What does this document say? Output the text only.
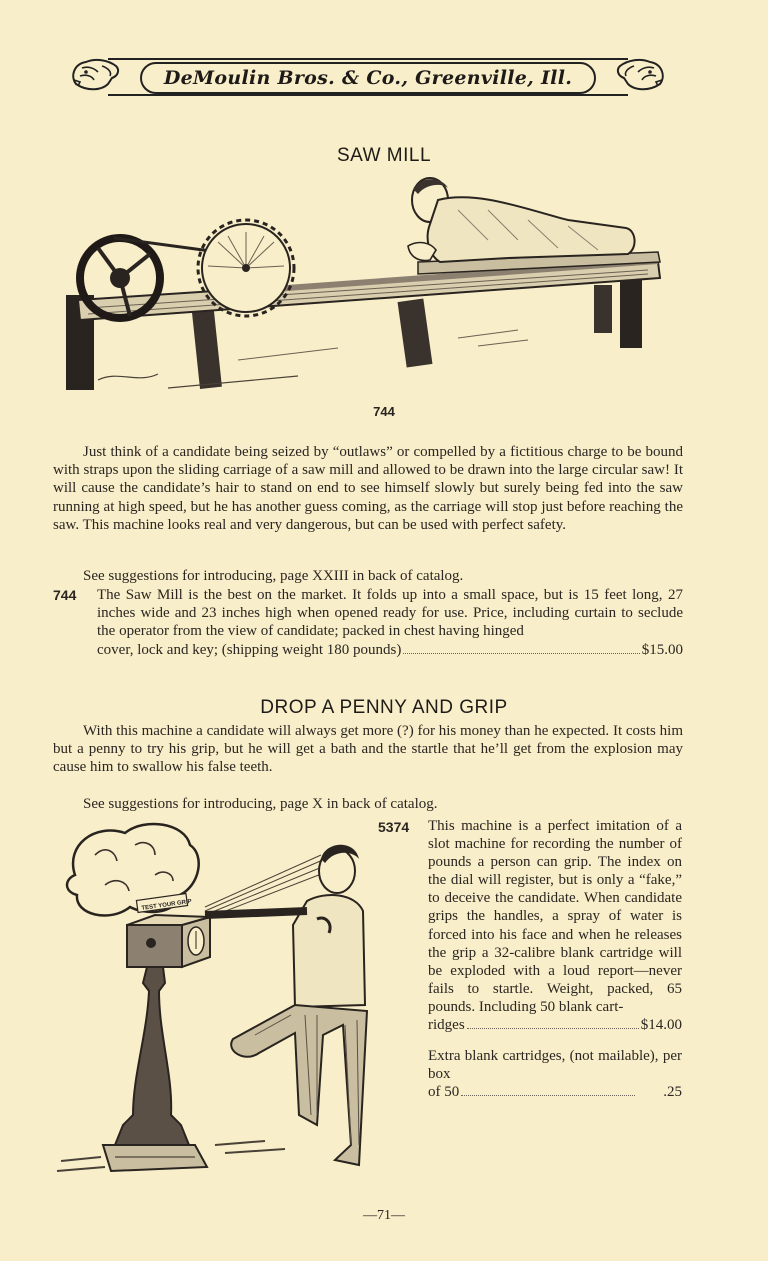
DeMoulin Bros. & Co., Greenville, Ill.
SAW MILL
744
Just think of a candidate being seized by “outlaws” or compelled by a fictitious charge to be bound with straps upon the sliding carriage of a saw mill and allowed to be drawn into the large circular saw! It will cause the candidate’s hair to stand on end to see himself slowly but surely being fed into the saw running at high speed, but he has another guess coming, as the carriage will stop just before reaching the saw. This machine looks real and very dangerous, but can be used with perfect safety.
See suggestions for introducing, page XXIII in back of catalog.
744 The Saw Mill is the best on the market. It folds up into a small space, but is 15 feet long, 27 inches wide and 23 inches high when opened ready for use. Price, including curtain to seclude the operator from the view of candidate; packed in chest having hinged
cover, lock and key; (shipping weight 180 pounds)	$15.00
DROP A PENNY AND GRIP
With this machine a candidate will always get more (?) for his money than he expected. It costs him but a penny to try his grip, but he will get a bath and the startle that he’ll get from the explosion may cause him to swallow his false teeth.
See suggestions for introducing, page X in back of catalog.
TEST YOUR GRIP
5374 This machine is a perfect imitation of a slot machine for recording the number of pounds a person can grip. The index on the dial will register, but is only a “fake,” to deceive the candidate. When candidate grips the handles, a spray of water is forced into his face and when he releases the grip a 32-calibre blank cartridge will be exploded with a loud report—never fails to startle. Weight, packed, 65 pounds. Including 50 blank cart-
ridges	$14.00
Extra blank cartridges, (not mailable), per box
of 50	.25
—71—
